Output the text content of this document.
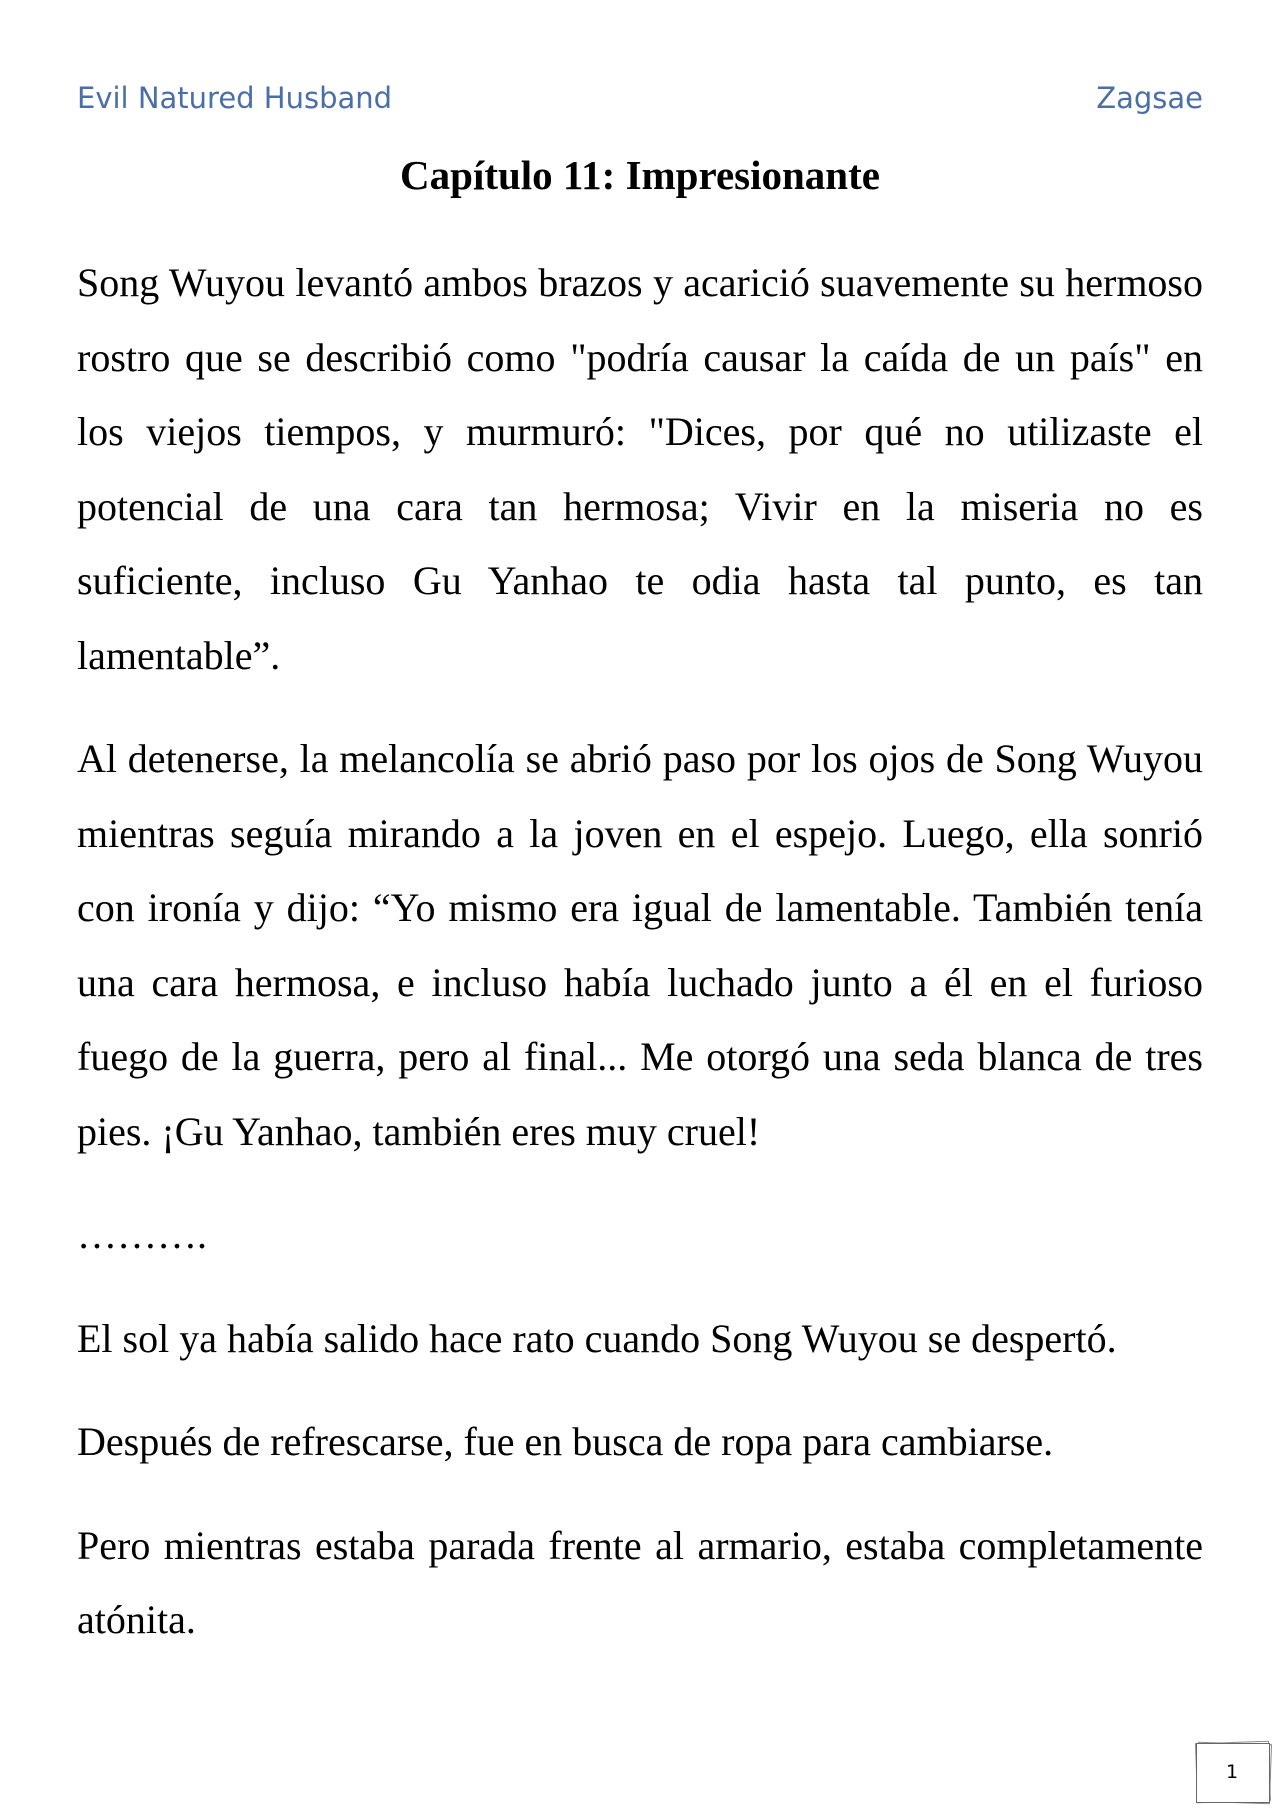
Evil Natured Husband	Zagsae
Capítulo 11: Impresionante

Song Wuyou levantó ambos brazos y acarició suavemente su hermoso rostro que se describió como "podría causar la caída de un país" en los viejos tiempos, y murmuró: "Dices, por qué no utilizaste el potencial de una cara tan hermosa; Vivir en la miseria no es suficiente, incluso Gu Yanhao te odia hasta tal punto, es tan lamentable”.

Al detenerse, la melancolía se abrió paso por los ojos de Song Wuyou mientras seguía mirando a la joven en el espejo. Luego, ella sonrió con ironía y dijo: “Yo mismo era igual de lamentable. También tenía una cara hermosa, e incluso había luchado junto a él en el furioso fuego de la guerra, pero al final... Me otorgó una seda blanca de tres pies. ¡Gu Yanhao, también eres muy cruel!

……….

El sol ya había salido hace rato cuando Song Wuyou se despertó.

Después de refrescarse, fue en busca de ropa para cambiarse.

Pero mientras estaba parada frente al armario, estaba completamente atónita.

1
